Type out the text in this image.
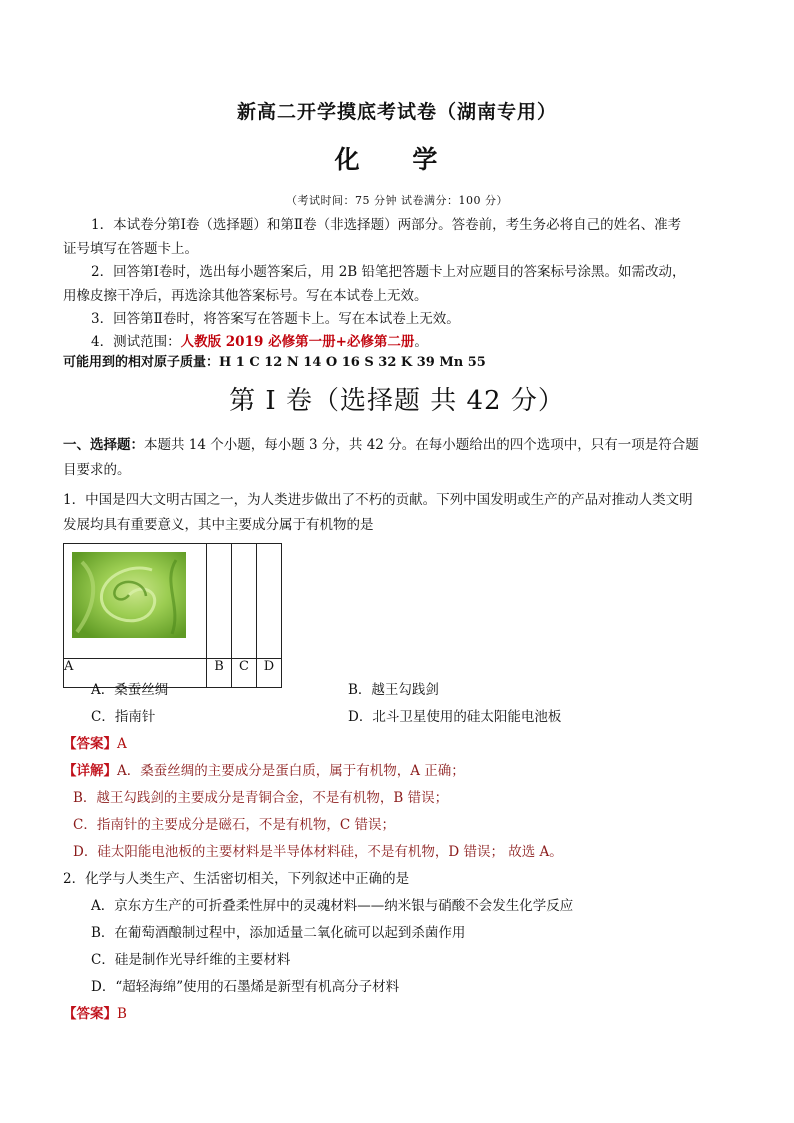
新高二开学摸底考试卷（湖南专用）
化 学
（考试时间：75 分钟 试卷满分：100 分）
1．本试卷分第Ⅰ卷（选择题）和第Ⅱ卷（非选择题）两部分。答卷前，考生务必将自己的姓名、准考
证号填写在答题卡上。
2．回答第Ⅰ卷时，选出每小题答案后，用 2B 铅笔把答题卡上对应题目的答案标号涂黑。如需改动，
用橡皮擦干净后，再选涂其他答案标号。写在本试卷上无效。
3．回答第Ⅱ卷时，将答案写在答题卡上。写在本试卷上无效。
4．测试范围：人教版 2019 必修第一册+必修第二册。
可能用到的相对原子质量：H 1 C 12 N 14 O 16 S 32 K 39 Mn 55
第 I 卷（选择题 共 42 分）
一、选择题：本题共 14 个小题，每小题 3 分，共 42 分。在每小题给出的四个选项中，只有一项是符合题
目要求的。
1．中国是四大文明古国之一，为人类进步做出了不朽的贡献。下列中国发明或生产的产品对推动人类文明
发展均具有重要意义，其中主要成分属于有机物的是

A	B	C	D
A．桑蚕丝绸	B．越王勾践剑
C．指南针	D．北斗卫星使用的硅太阳能电池板
【答案】A
【详解】A．桑蚕丝绸的主要成分是蛋白质，属于有机物，A 正确；
B．越王勾践剑的主要成分是青铜合金，不是有机物，B 错误；
C．指南针的主要成分是磁石，不是有机物，C 错误；
D．硅太阳能电池板的主要材料是半导体材料硅，不是有机物，D 错误； 故选 A。
2．化学与人类生产、生活密切相关，下列叙述中正确的是
A．京东方生产的可折叠柔性屏中的灵魂材料——纳米银与硝酸不会发生化学反应
B．在葡萄酒酿制过程中，添加适量二氧化硫可以起到杀菌作用
C．硅是制作光导纤维的主要材料
D．“超轻海绵”使用的石墨烯是新型有机高分子材料
【答案】B
